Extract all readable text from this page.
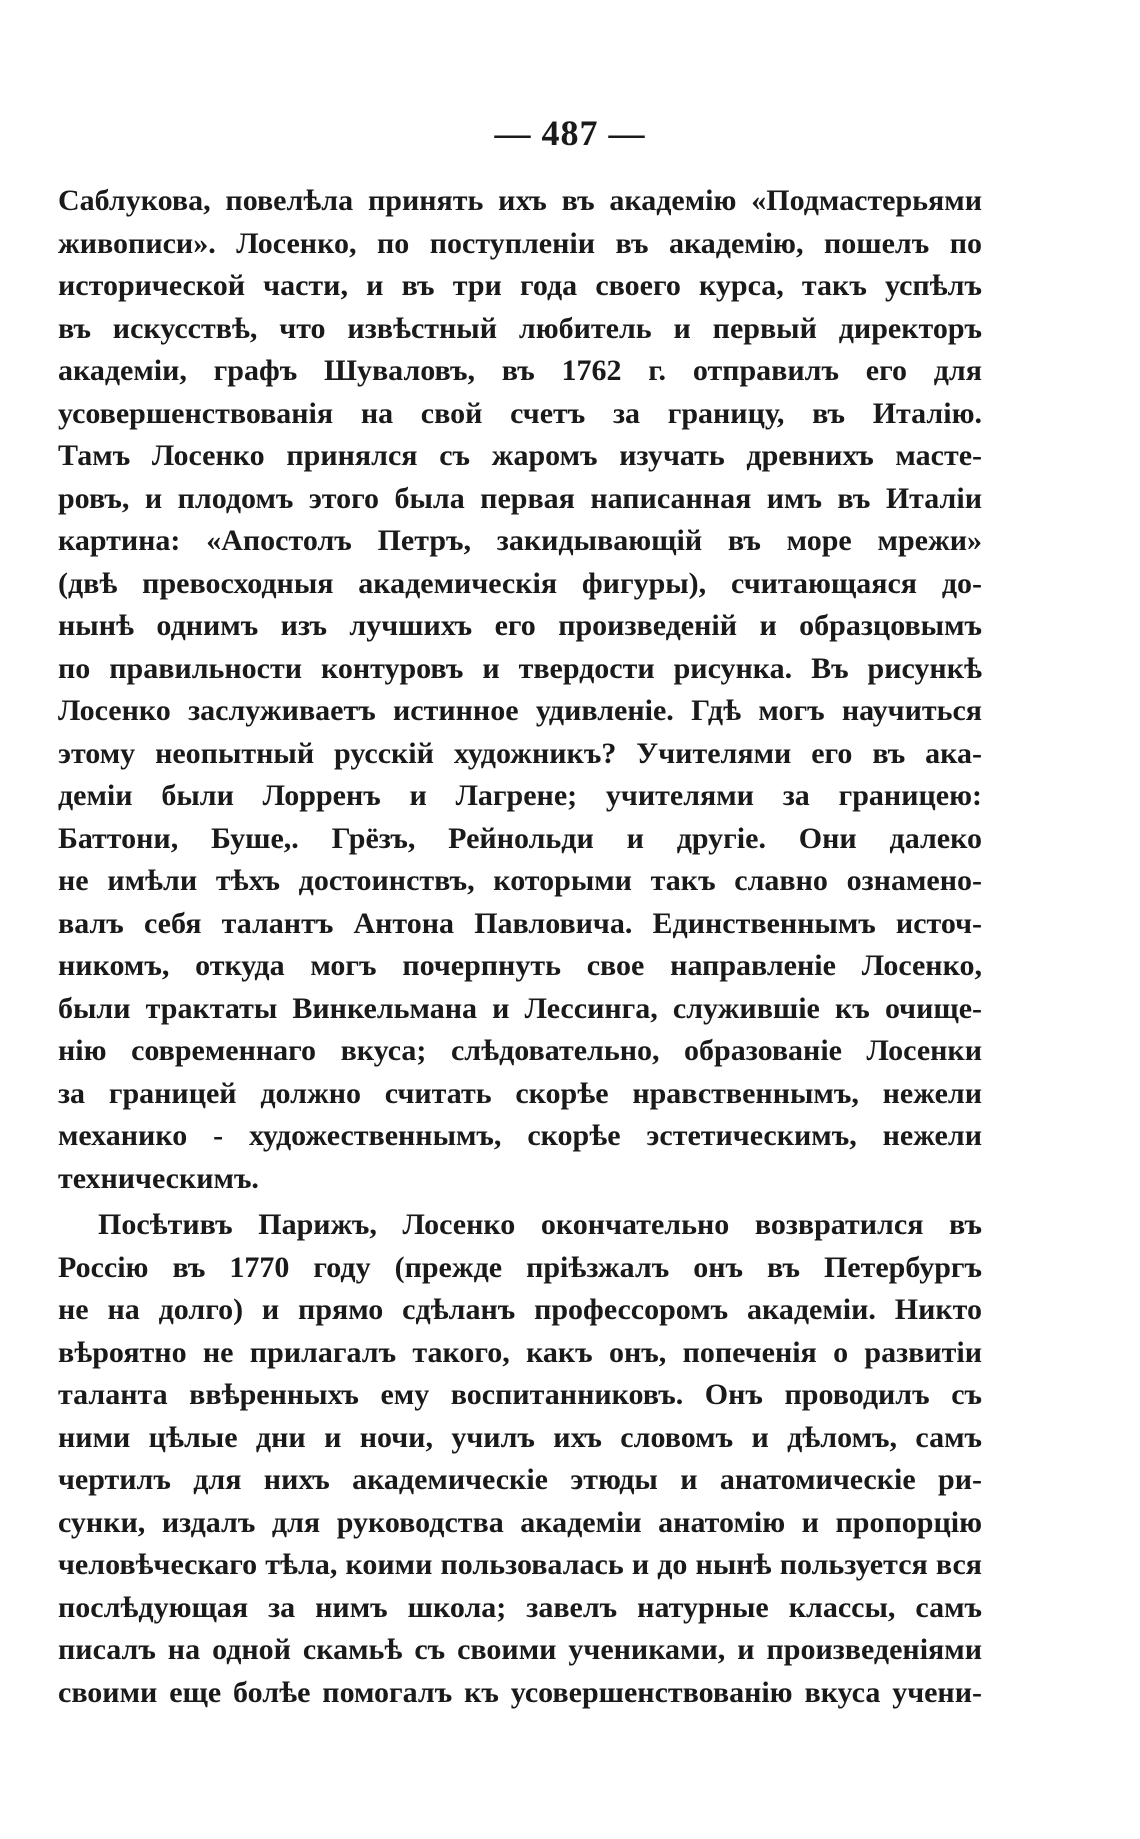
— 487 —
Саблукова, повелѣла принять ихъ въ академію «Подмастерьями
живописи». Лосенко, по поступленіи въ академію, пошелъ по
исторической части, и въ три года своего курса, такъ успѣлъ
въ искусствѣ, что извѣстный любитель и первый директоръ
академіи, графъ Шуваловъ, въ 1762 г. отправилъ его для
усовершенствованія на свой счетъ за границу, въ Италію.
Тамъ Лосенко принялся съ жаромъ изучать древнихъ масте-
ровъ, и плодомъ этого была первая написанная имъ въ Италіи
картина: «Апостолъ Петръ, закидывающій въ море мрежи»
(двѣ превосходныя академическія фигуры), считающаяся до-
нынѣ однимъ изъ лучшихъ его произведеній и образцовымъ
по правильности контуровъ и твердости рисунка. Въ рисункѣ
Лосенко заслуживаетъ истинное удивленіе. Гдѣ могъ научиться
этому неопытный русскій художникъ? Учителями его въ ака-
деміи были Лорренъ и Лагрене; учителями за границею:
Баттони, Буше,. Грёзъ, Рейнольди и другіе. Они далеко
не имѣли тѣхъ достоинствъ, которыми такъ славно ознамено-
валъ себя талантъ Антона Павловича. Единственнымъ источ-
никомъ, откуда могъ почерпнуть свое направленіе Лосенко,
были трактаты Винкельмана и Лессинга, служившіе къ очище-
нію современнаго вкуса; слѣдовательно, образованіе Лосенки
за границей должно считать скорѣе нравственнымъ, нежели
механико - художественнымъ, скорѣе эстетическимъ, нежели
техническимъ.
Посѣтивъ Парижъ, Лосенко окончательно возвратился въ
Россію въ 1770 году (прежде пріѣзжалъ онъ въ Петербургъ
не на долго) и прямо сдѣланъ профессоромъ академіи. Никто
вѣроятно не прилагалъ такого, какъ онъ, попеченія о развитіи
таланта ввѣренныхъ ему воспитанниковъ. Онъ проводилъ съ
ними цѣлые дни и ночи, училъ ихъ словомъ и дѣломъ, самъ
чертилъ для нихъ академическіе этюды и анатомическіе ри-
сунки, издалъ для руководства академіи анатомію и пропорцію
человѣческаго тѣла, коими пользовалась и до нынѣ пользуется вся
послѣдующая за нимъ школа; завелъ натурные классы, самъ
писалъ на одной скамьѣ съ своими учениками, и произведеніями
своими еще болѣе помогалъ къ усовершенствованію вкуса учени-
